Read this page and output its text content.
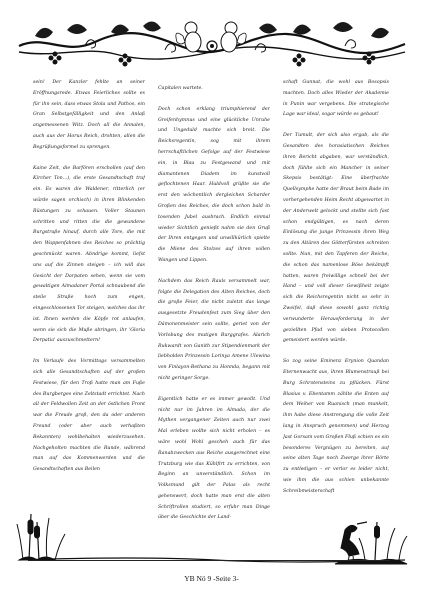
sein! Der Kanzler fehlte an seiner Eröffnungsrede. Etwas Feierliches sollte es für ihn sein, dass etwas Stola und Pathos, ein Gran Selbstgefälligkeit und den Anlaß angemessenen Witz. Doch all die Annalen, auch aus der Horus Reich, drohten, allen die Begrüßungsformel zu sprengen.

Kaine Zeit, die Barfören erschollen (auf den Kircher Ton...), die erste Gesandtschaft traf ein. Es waren die Waldener, ritterlich (er würde sagen orchisch) in ihren Blinkenden Rüstungen zu schauen. Voller Staunen schritten und ritten die die gewundene Burgstraße hinauf, durch alle Tore, die mit den Wappenfahnen des Reiches so prächtig geschmückt waren. Abndrige kommt, liefst uns auf die Zinnen steigen – ich will das Gesicht der Darpaten sehen, wenn sie vom gewaltigen Almadaner Portal schnaubend die steile Straße hoch zum engen, eingeschlossenen Tor steigen, welches das ihr ist. Ihnen werden die Köpfe rot anlaufen, wenn sie sich die Muße abringen, ihr 'Gloria Derpatia' auszuschmettern!

Im Verlaufe des Vormittags versammelten sich alle Gesandtschaften auf der großen Festwiese, für den Troß hatte man am Fuße des Burgberges eine Zeltstadt errichtet. Nach all der Feldwollen Zeit an der östlichen Front war die Freude groß, den da oder anderen Freund (oder aber auch verhaßten Bekannten) wohlbehalten wiederzusehen. Nachgeholten machten die Runde, während man auf das Kommenwerden und die Gesandtschaften aus Beilen

Capitalen wartete.

Doch schon erklang triumphierend der Greifenhymnus und eine glückliche Unruhe und Ungeduld machte sich breit. Die Reichsregentin, sog mit ihrem herrschaftlichen Gefolge auf der Festwiese ein, in Blau zu Festgewand und mit diamantenen Diadem im kunstvoll geflochtenen Haar. Huldvoll grüßte sie die erst den wöchentlich dergleichen Scharder Großen des Reiches, die doch schon bald in tosenden Jubel ausbrach. Endlich einmal wieder Sichtlich genießt nahm sie den Gruß der Ihren entgegen und unwillkürlich spielte die Miene des Stolzes auf ihren vollen Wangen und Lippen.

Nachdem das Reich Rauls versammelt war, folgte die Delegation des Alten Reiches, doch die große Feier, die nicht zuletzt das lange ausgesetzte Freudenfest zum Sieg über den Dämonenmeister sein sollte, geriet von der Vorlobung des mutigen Burggrafes. Alarich Rukwardt von Ganith zur Stipendienmark der liebholden Prinzessin Lorinya Amene Ulewina von Finlayon-Bethana zu Honnda, begann mit nicht geringer Sorge.

Eigentlich hatte er es immer gewollt. Und nicht nur im Jahren im Almada, der die Mythen vergangener Zeiten auch nur zwei Mal erleben wollte sich nicht erholen – es wäre wohl Wohl gescheh auch für das Ranabzwecken aus Reiche ausgerechnet eine Trutzburg wie das Kühlfirt zu errichten, von Beginn an unverständlich. Schon im Volksmund gilt der Palas als recht gehenswert, doch hatte man erst die alten Schriftrollen studiert, so erfuhr man Dinge über die Geschichte der Land-

schaft Gunnat, die wohl aus Bosopsis machten. Doch alles Wieder der Akademie in Punin war vergebens. Die strategische Lage war ideal, sogar würde es gebaut!

Der Tumult, der sich also ergab, als die Gesandten des horasiatischen Reiches ihren Bericht abgaben, war verständlich, doch fühlte sich ein Mancher in seiner Skepsis bestätigt: Eine überfrachte Quellsymphe hatte der Braut beim Bade im vorhergehenden Heim Recht abgewartet in der Anderwelt gelockt und stellte sich fast schon endgültigen, es nach deren Einlösung die junge Prinzessin ihren Weg zu den Altären des Götterfürsten schreiten sollte. Nun, mit den Tapferen der Reiche, die schon das namenlose Böse bekämpft hatten, waren freiwillige schnell bei der Hand – und voll dieser Gewißheit zeigte sich die Reichsregentin nicht so sehr in Zweifel, daß diese sowohl ganz richtig verwunderte Herausforderung in der geziellten Pfad von sieben Protocollen gemeistert werden würde.

So zog seine Eminenz Erynion Quandan Eternenwacht aus, ihren Blumenstrauß bei Burg Schrotensteins zu pflücken. Fürst Blasius v. Ebentamm zählte die Enten auf dem Weiher von Ruanisch (man munkelt, ihm habe diese Anstrengung die volle Zeit lang in Anspruch genommen) und Herzog Jast Gorsam vom Großen Fluß schien es ein besonderes Vergnügen zu bereiten, auf seine alten Tage noch Zwerge ihrer Börte zu entledigen – er verlor es leider nicht, wie ihm die aus schien unbekannte Schreibmeisterschaft

YB Nö 9 -Seite 3-
